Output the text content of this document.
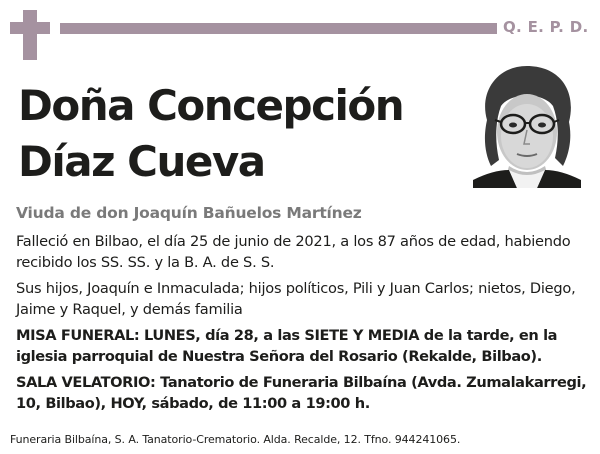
Q. E. P. D.
Doña Concepción
Díaz Cueva
Viuda de don Joaquín Bañuelos Martínez

Falleció en Bilbao, el día 25 de junio de 2021, a los 87 años de edad, habiendo recibido los SS. SS. y la B. A. de S. S.

Sus hijos, Joaquín e Inmaculada; hijos políticos, Pili y Juan Carlos; nietos, Diego, Jaime y Raquel, y demás familia

MISA FUNERAL: LUNES, día 28, a las SIETE Y MEDIA de la tarde, en la iglesia parroquial de Nuestra Señora del Rosario (Rekalde, Bilbao).

SALA VELATORIO: Tanatorio de Funeraria Bilbaína (Avda. Zumalakarregi, 10, Bilbao), HOY, sábado, de 11:00 a 19:00 h.

Funeraria Bilbaína, S. A. Tanatorio-Crematorio. Alda. Recalde, 12. Tfno. 944241065.
